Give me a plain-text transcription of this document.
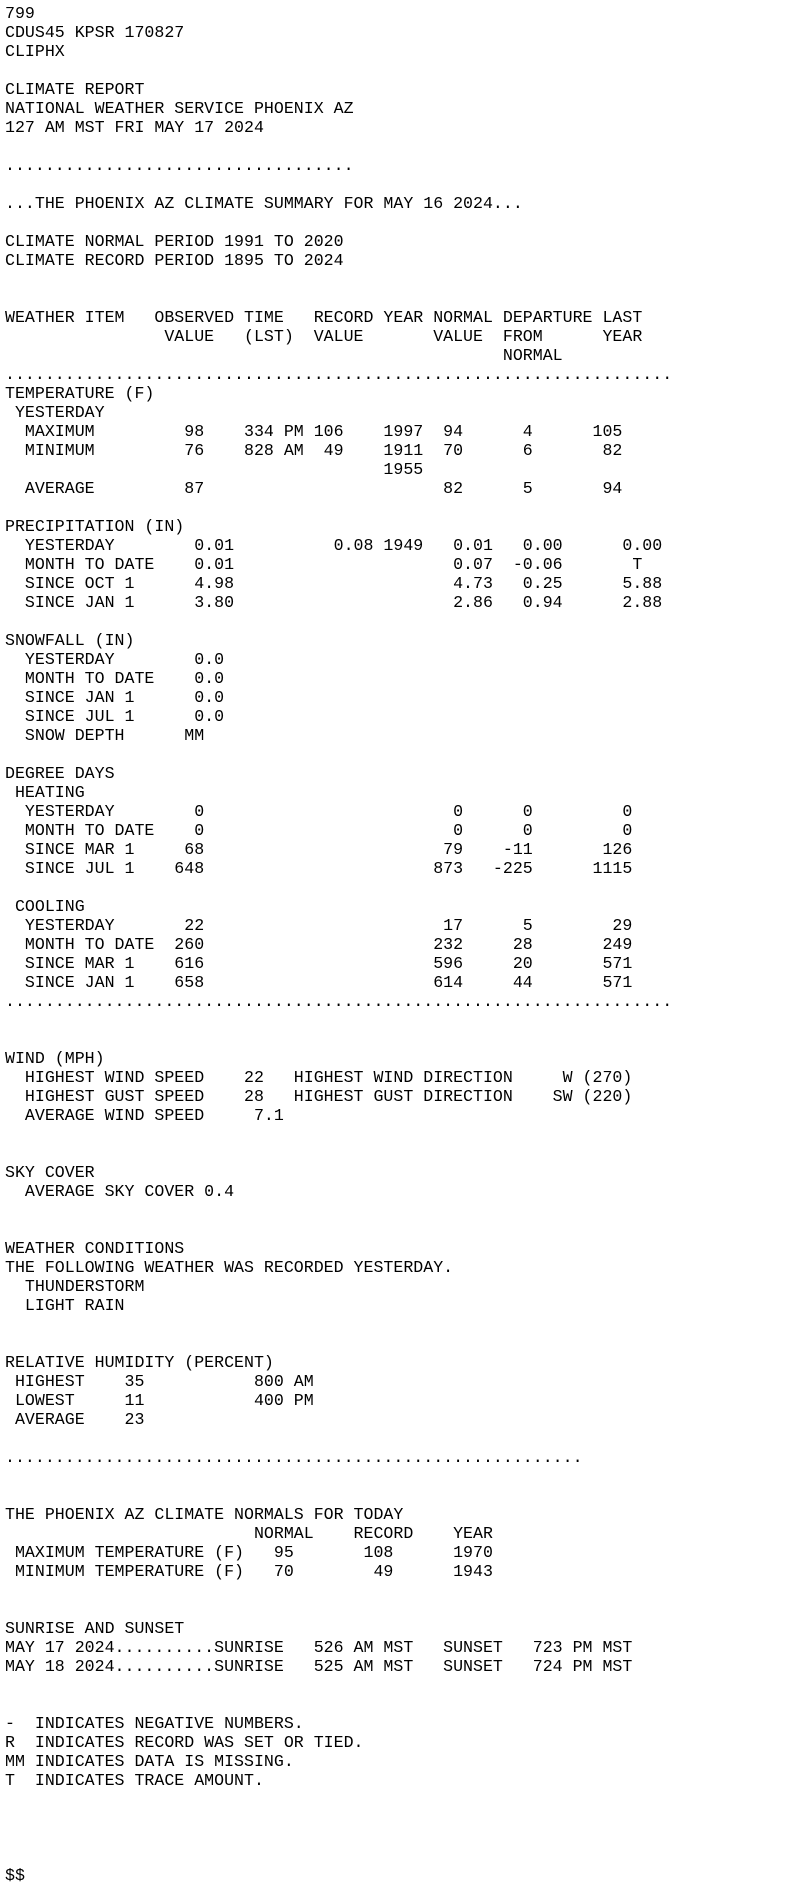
799
CDUS45 KPSR 170827
CLIPHX
CLIMATE REPORT
NATIONAL WEATHER SERVICE PHOENIX AZ
127 AM MST FRI MAY 17 2024
...................................
...THE PHOENIX AZ CLIMATE SUMMARY FOR MAY 16 2024...
CLIMATE NORMAL PERIOD 1991 TO 2020
CLIMATE RECORD PERIOD 1895 TO 2024
WEATHER ITEM   OBSERVED TIME   RECORD YEAR NORMAL DEPARTURE LAST
VALUE   (LST)  VALUE       VALUE  FROM      YEAR
NORMAL
...................................................................
TEMPERATURE (F)
YESTERDAY
MAXIMUM         98    334 PM 106    1997  94      4      105
MINIMUM         76    828 AM  49    1911  70      6       82
1955
AVERAGE         87                        82      5       94
PRECIPITATION (IN)
YESTERDAY        0.01          0.08 1949   0.01   0.00      0.00
MONTH TO DATE    0.01                      0.07  -0.06       T
SINCE OCT 1      4.98                      4.73   0.25      5.88
SINCE JAN 1      3.80                      2.86   0.94      2.88
SNOWFALL (IN)
YESTERDAY        0.0
MONTH TO DATE    0.0
SINCE JAN 1      0.0
SINCE JUL 1      0.0
SNOW DEPTH      MM
DEGREE DAYS
HEATING
YESTERDAY        0                         0      0         0
MONTH TO DATE    0                         0      0         0
SINCE MAR 1     68                        79    -11       126
SINCE JUL 1    648                       873   -225      1115
COOLING
YESTERDAY       22                        17      5        29
MONTH TO DATE  260                       232     28       249
SINCE MAR 1    616                       596     20       571
SINCE JAN 1    658                       614     44       571
...................................................................
WIND (MPH)
HIGHEST WIND SPEED    22   HIGHEST WIND DIRECTION     W (270)
HIGHEST GUST SPEED    28   HIGHEST GUST DIRECTION    SW (220)
AVERAGE WIND SPEED     7.1
SKY COVER
AVERAGE SKY COVER 0.4
WEATHER CONDITIONS
THE FOLLOWING WEATHER WAS RECORDED YESTERDAY.
THUNDERSTORM
LIGHT RAIN
RELATIVE HUMIDITY (PERCENT)
HIGHEST    35           800 AM
LOWEST     11           400 PM
AVERAGE    23
..........................................................
THE PHOENIX AZ CLIMATE NORMALS FOR TODAY
NORMAL    RECORD    YEAR
MAXIMUM TEMPERATURE (F)   95       108      1970
MINIMUM TEMPERATURE (F)   70        49      1943
SUNRISE AND SUNSET
MAY 17 2024..........SUNRISE   526 AM MST   SUNSET   723 PM MST
MAY 18 2024..........SUNRISE   525 AM MST   SUNSET   724 PM MST
-  INDICATES NEGATIVE NUMBERS.
R  INDICATES RECORD WAS SET OR TIED.
MM INDICATES DATA IS MISSING.
T  INDICATES TRACE AMOUNT.
$$
